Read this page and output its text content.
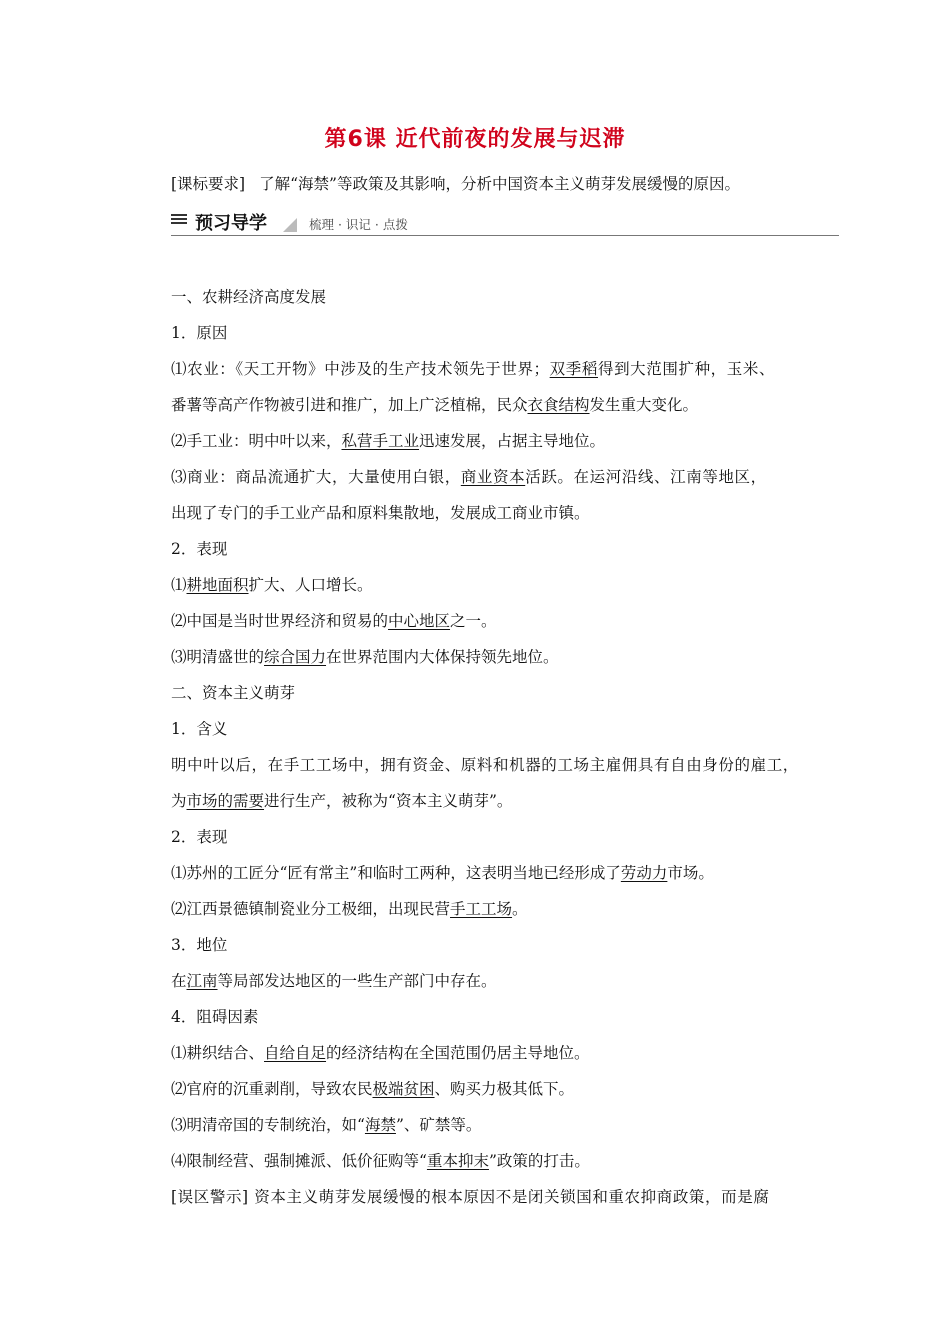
第6课 近代前夜的发展与迟滞
[课标要求] 了解“海禁”等政策及其影响，分析中国资本主义萌芽发展缓慢的原因。
预习导学	梳理 · 识记 · 点拨
一、农耕经济高度发展
1．原因
⑴农业：《天工开物》中涉及的生产技术领先于世界；双季稻得到大范围扩种，玉米、
番薯等高产作物被引进和推广，加上广泛植棉，民众衣食结构发生重大变化。
⑵手工业：明中叶以来，私营手工业迅速发展，占据主导地位。
⑶商业：商品流通扩大，大量使用白银，商业资本活跃。在运河沿线、江南等地区，
出现了专门的手工业产品和原料集散地，发展成工商业市镇。
2．表现
⑴耕地面积扩大、人口增长。
⑵中国是当时世界经济和贸易的中心地区之一。
⑶明清盛世的综合国力在世界范围内大体保持领先地位。
二、资本主义萌芽
1．含义
明中叶以后，在手工工场中，拥有资金、原料和机器的工场主雇佣具有自由身份的雇工，
为市场的需要进行生产，被称为“资本主义萌芽”。
2．表现
⑴苏州的工匠分“匠有常主”和临时工两种，这表明当地已经形成了劳动力市场。
⑵江西景德镇制瓷业分工极细，出现民营手工工场。
3．地位
在江南等局部发达地区的一些生产部门中存在。
4．阻碍因素
⑴耕织结合、自给自足的经济结构在全国范围仍居主导地位。
⑵官府的沉重剥削，导致农民极端贫困、购买力极其低下。
⑶明清帝国的专制统治，如“海禁”、矿禁等。
⑷限制经营、强制摊派、低价征购等“重本抑末”政策的打击。
[误区警示] 资本主义萌芽发展缓慢的根本原因不是闭关锁国和重农抑商政策，而是腐
